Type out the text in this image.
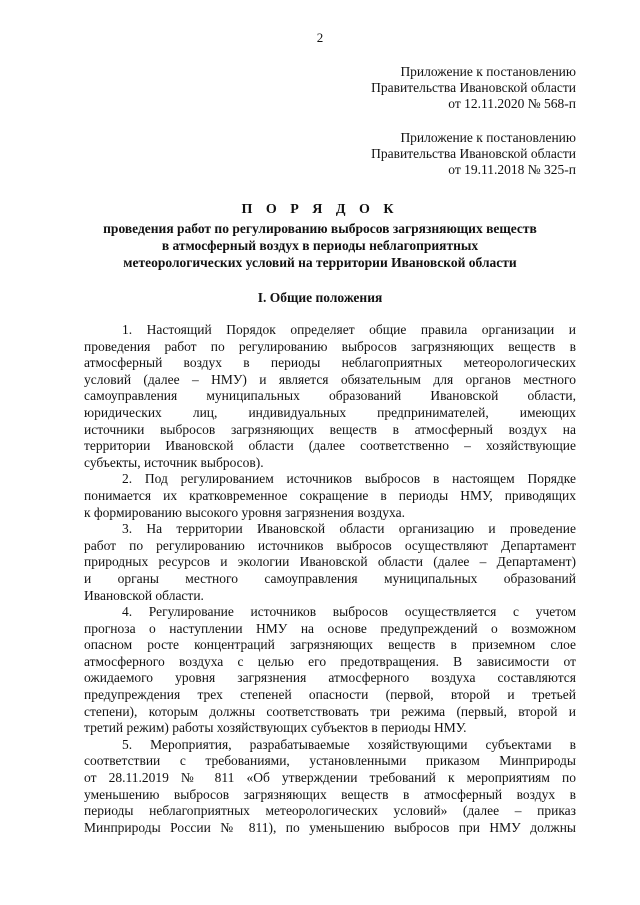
2
Приложение к постановлению
Правительства Ивановской области
от 12.11.2020 № 568-п
Приложение к постановлению
Правительства Ивановской области
от 19.11.2018 № 325-п
П О Р Я Д О К
проведения работ по регулированию выбросов загрязняющих веществ
в атмосферный воздух в периоды неблагоприятных
метеорологических условий на территории Ивановской области
I. Общие положения
1. Настоящий Порядок определяет общие правила организации и
проведения работ по регулированию выбросов загрязняющих веществ в
атмосферный воздух в периоды неблагоприятных метеорологических
условий (далее – НМУ) и является обязательным для органов местного
самоуправления муниципальных образований Ивановской области,
юридических лиц, индивидуальных предпринимателей, имеющих
источники выбросов загрязняющих веществ в атмосферный воздух на
территории Ивановской области (далее соответственно – хозяйствующие
субъекты, источник выбросов).
2. Под регулированием источников выбросов в настоящем Порядке
понимается их кратковременное сокращение в периоды НМУ, приводящих
к формированию высокого уровня загрязнения воздуха.
3. На территории Ивановской области организацию и проведение
работ по регулированию источников выбросов осуществляют Департамент
природных ресурсов и экологии Ивановской области (далее – Департамент)
и органы местного самоуправления муниципальных образований
Ивановской области.
4. Регулирование источников выбросов осуществляется с учетом
прогноза о наступлении НМУ на основе предупреждений о возможном
опасном росте концентраций загрязняющих веществ в приземном слое
атмосферного воздуха с целью его предотвращения. В зависимости от
ожидаемого уровня загрязнения атмосферного воздуха составляются
предупреждения трех степеней опасности (первой, второй и третьей
степени), которым должны соответствовать три режима (первый, второй и
третий режим) работы хозяйствующих субъектов в периоды НМУ.
5. Мероприятия, разрабатываемые хозяйствующими субъектами в
соответствии с требованиями, установленными приказом Минприроды
от 28.11.2019 № 811 «Об утверждении требований к мероприятиям по
уменьшению выбросов загрязняющих веществ в атмосферный воздух в
периоды неблагоприятных метеорологических условий» (далее – приказ
Минприроды России № 811), по уменьшению выбросов при НМУ должны
